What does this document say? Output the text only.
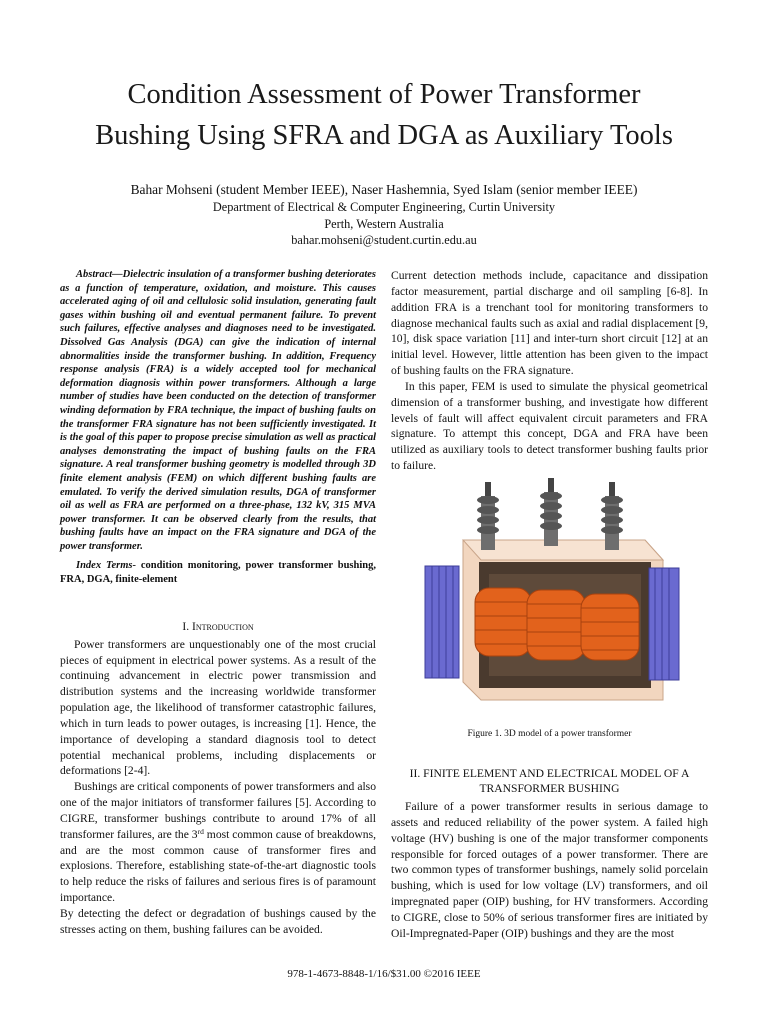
Condition Assessment of Power Transformer
Bushing Using SFRA and DGA as Auxiliary Tools
Bahar Mohseni (student Member IEEE), Naser Hashemnia, Syed Islam (senior member IEEE)
Department of Electrical & Computer Engineering, Curtin University
Perth, Western Australia
bahar.mohseni@student.curtin.edu.au

Abstract—Dielectric insulation of a transformer bushing deteriorates as a function of temperature, oxidation, and moisture. This causes accelerated aging of oil and cellulosic solid insulation, generating fault gases within bushing oil and eventual permanent failure. To prevent such failures, effective analyses and diagnoses need to be investigated. Dissolved Gas Analysis (DGA) can give the indication of internal abnormalities inside the transformer bushing. In addition, Frequency response analysis (FRA) is a widely accepted tool for mechanical deformation diagnosis within power transformers. Although a large number of studies have been conducted on the detection of transformer winding deformation by FRA technique, the impact of bushing faults on the transformer FRA signature has not been sufficiently investigated. It is the goal of this paper to propose precise simulation as well as practical analyses demonstrating the impact of bushing faults on the FRA signature. A real transformer bushing geometry is modelled through 3D finite element analysis (FEM) on which different bushing faults are emulated. To verify the derived simulation results, DGA of transformer oil as well as FRA are performed on a three-phase, 132 kV, 315 MVA power transformer. It can be observed clearly from the results, that bushing faults have an impact on the FRA signature and DGA of the power transformer.

Index Terms- condition monitoring, power transformer bushing, FRA, DGA, finite-element

I. Introduction

Power transformers are unquestionably one of the most crucial pieces of equipment in electrical power systems. As a result of the continuing advancement in electric power transmission and distribution systems and the increasing worldwide transformer population age, the likelihood of transformer catastrophic failures, which in turn leads to power outages, is increasing [1]. Hence, the importance of developing a standard diagnosis tool to detect potential mechanical problems, including displacements or deformations [2-4].

Bushings are critical components of power transformers and also one of the major initiators of transformer failures [5]. According to CIGRE, transformer bushings contribute to around 17% of all transformer failures, are the 3rd most common cause of breakdowns, and are the most common cause of transformer fires and explosions. Therefore, establishing state-of-the-art diagnostic tools to help reduce the risks of failures and serious fires is of paramount importance.

By detecting the defect or degradation of bushings caused by the stresses acting on them, bushing failures can be avoided.

Current detection methods include, capacitance and dissipation factor measurement, partial discharge and oil sampling [6-8]. In addition FRA is a trenchant tool for monitoring transformers to diagnose mechanical faults such as axial and radial displacement [9, 10], disk space variation [11] and inter-turn short circuit [12] at an initial level. However, little attention has been given to the impact of bushing faults on the FRA signature.

In this paper, FEM is used to simulate the physical geometrical dimension of a transformer bushing, and investigate how different levels of fault will affect equivalent circuit parameters and FRA signature. To attempt this concept, DGA and FRA have been utilized as auxiliary tools to detect transformer bushing faults prior to failure.

Figure 1. 3D model of a power transformer

II. FINITE ELEMENT AND ELECTRICAL MODEL OF A
TRANSFORMER BUSHING

Failure of a power transformer results in serious damage to assets and reduced reliability of the power system. A failed high voltage (HV) bushing is one of the major transformer components responsible for forced outages of a power transformer. There are two common types of transformer bushings, namely solid porcelain bushing, which is used for low voltage (LV) transformers, and oil impregnated paper (OIP) bushing, for HV transformers. According to CIGRE, close to 50% of serious transformer fires are initiated by Oil-Impregnated-Paper (OIP) bushings and they are the most

978-1-4673-8848-1/16/$31.00 ©2016 IEEE
